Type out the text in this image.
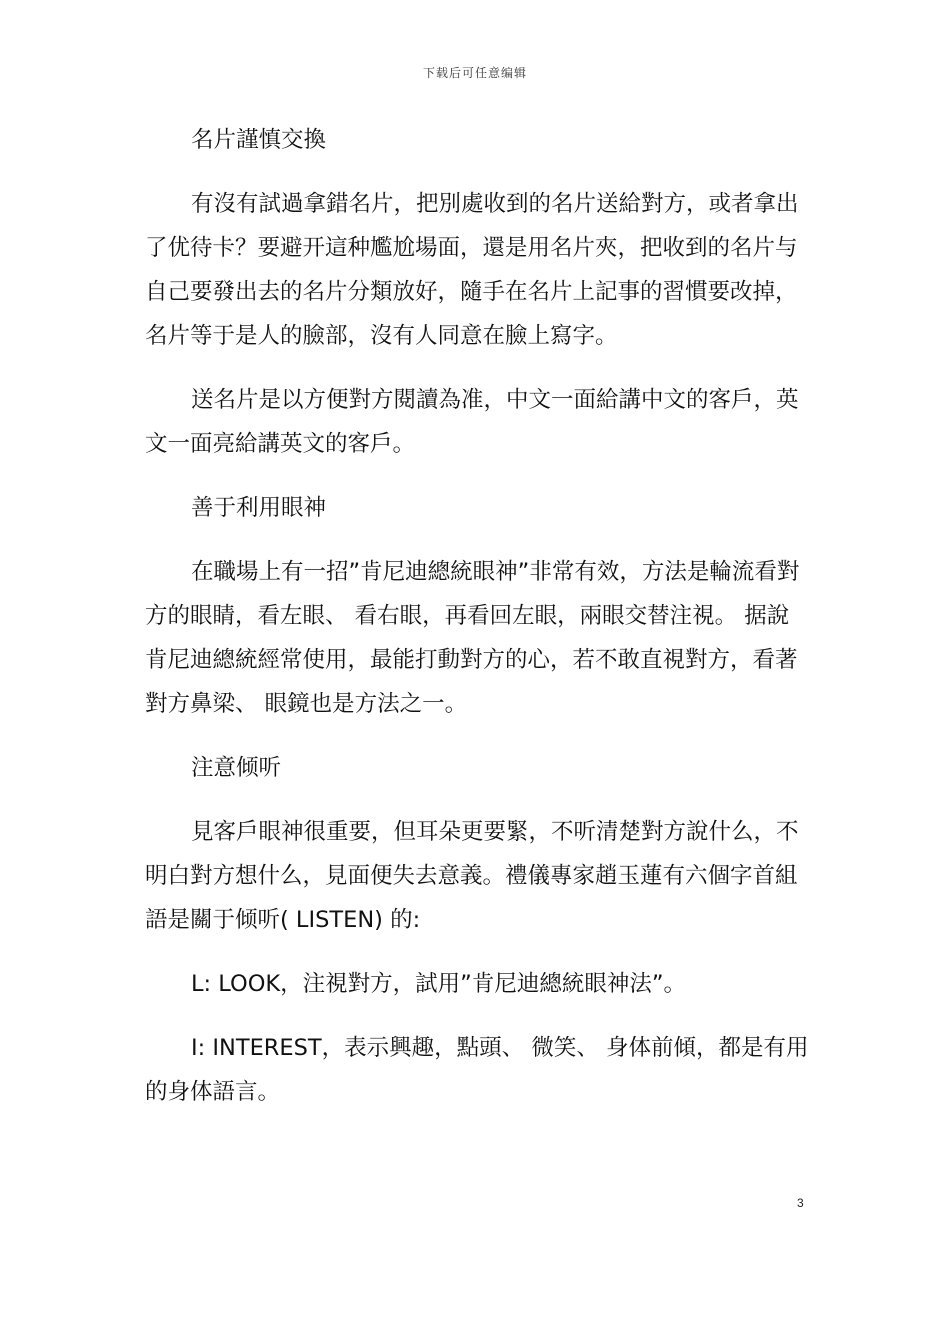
下载后可任意编辑

名片謹慎交換

有沒有試過拿錯名片，把別處收到的名片送給對方，或者拿出了优待卡？要避开這种尷尬場面，還是用名片夾，把收到的名片与自己要發出去的名片分類放好，隨手在名片上記事的習慣要改掉，名片等于是人的臉部，沒有人同意在臉上寫字。

送名片是以方便對方閱讀為准，中文一面給講中文的客戶，英文一面亮給講英文的客戶。

善于利用眼神

在職場上有一招”肯尼迪總統眼神”非常有效，方法是輪流看對方的眼睛，看左眼、 看右眼，再看回左眼，兩眼交替注視。 据說肯尼迪總統經常使用，最能打動對方的心，若不敢直視對方，看著對方鼻梁、 眼鏡也是方法之一。

注意倾听

見客戶眼神很重要，但耳朵更要緊，不听清楚對方說什么，不明白對方想什么，見面便失去意義。禮儀專家趙玉蓮有六個字首組語是關于倾听( LISTEN) 的:

L: LOOK，注視對方，試用”肯尼迪總統眼神法”。

I: INTEREST，表示興趣，點頭、 微笑、 身体前傾，都是有用的身体語言。

3
